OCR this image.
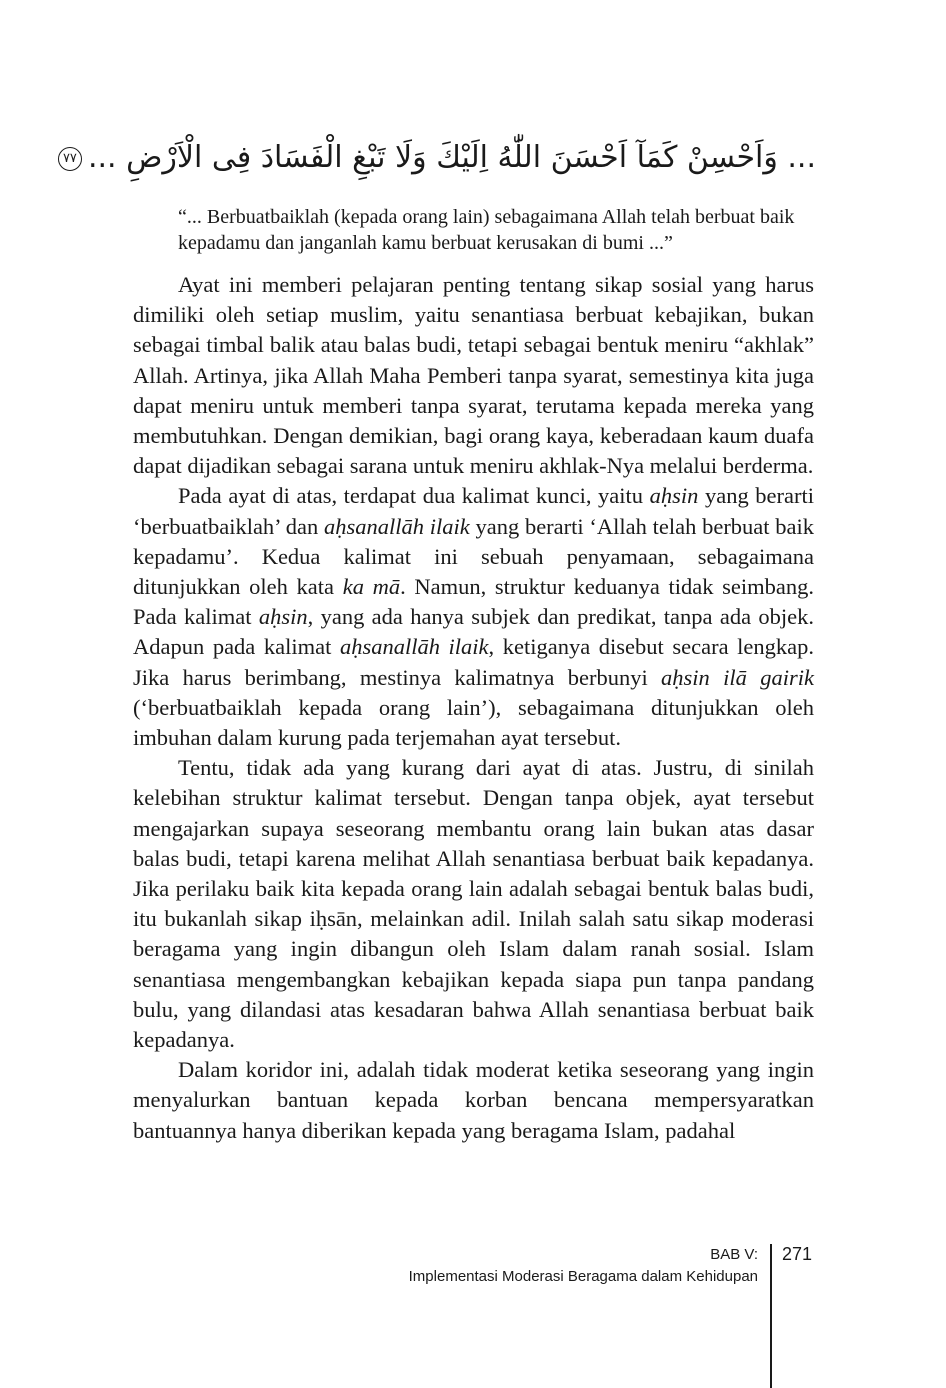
... وَاَحْسِنْ كَمَآ اَحْسَنَ اللّٰهُ اِلَيْكَ وَلَا تَبْغِ الْفَسَادَ فِى الْاَرْضِ ...٧٧

“... Berbuatbaiklah (kepada orang lain) sebagaimana Allah telah berbuat baik kepadamu dan janganlah kamu berbuat kerusakan di bumi ...”

Ayat ini memberi pelajaran penting tentang sikap sosial yang harus dimiliki oleh setiap muslim, yaitu senantiasa berbuat kebajikan, bukan sebagai timbal balik atau balas budi, tetapi sebagai bentuk meniru “akhlak” Allah. Artinya, jika Allah Maha Pemberi tanpa syarat, semestinya kita juga dapat meniru untuk memberi tanpa syarat, terutama kepada mereka yang membutuhkan. Dengan demikian, bagi orang kaya, keberadaan kaum duafa dapat dijadikan sebagai sarana untuk meniru akhlak-Nya melalui berderma.

Pada ayat di atas, terdapat dua kalimat kunci, yaitu aḥsin yang berarti ‘berbuatbaiklah’ dan aḥsanallāh ilaik yang berarti ‘Allah telah berbuat baik kepadamu’. Kedua kalimat ini sebuah penyamaan, sebagaimana ditunjukkan oleh kata ka mā. Namun, struktur keduanya tidak seimbang. Pada kalimat aḥsin, yang ada hanya subjek dan predikat, tanpa ada objek. Adapun pada kalimat aḥsanallāh ilaik, ketiganya disebut secara lengkap. Jika harus berimbang, mestinya kalimatnya berbunyi aḥsin ilā gairik (‘berbuatbaiklah kepada orang lain’), sebagaimana ditunjukkan oleh imbuhan dalam kurung pada terjemahan ayat tersebut.

Tentu, tidak ada yang kurang dari ayat di atas. Justru, di sinilah kelebihan struktur kalimat tersebut. Dengan tanpa objek, ayat tersebut mengajarkan supaya seseorang membantu orang lain bukan atas dasar balas budi, tetapi karena melihat Allah senantiasa berbuat baik kepadanya. Jika perilaku baik kita kepada orang lain adalah sebagai bentuk balas budi, itu bukanlah sikap iḥsān, melainkan adil. Inilah salah satu sikap moderasi beragama yang ingin dibangun oleh Islam dalam ranah sosial. Islam senantiasa mengembangkan kebajikan kepada siapa pun tanpa pandang bulu, yang dilandasi atas kesadaran bahwa Allah senantiasa berbuat baik kepadanya.

Dalam koridor ini, adalah tidak moderat ketika seseorang yang ingin menyalurkan bantuan kepada korban bencana mempersyaratkan bantuannya hanya diberikan kepada yang beragama Islam, padahal

BAB V:
Implementasi Moderasi Beragama dalam Kehidupan
271
